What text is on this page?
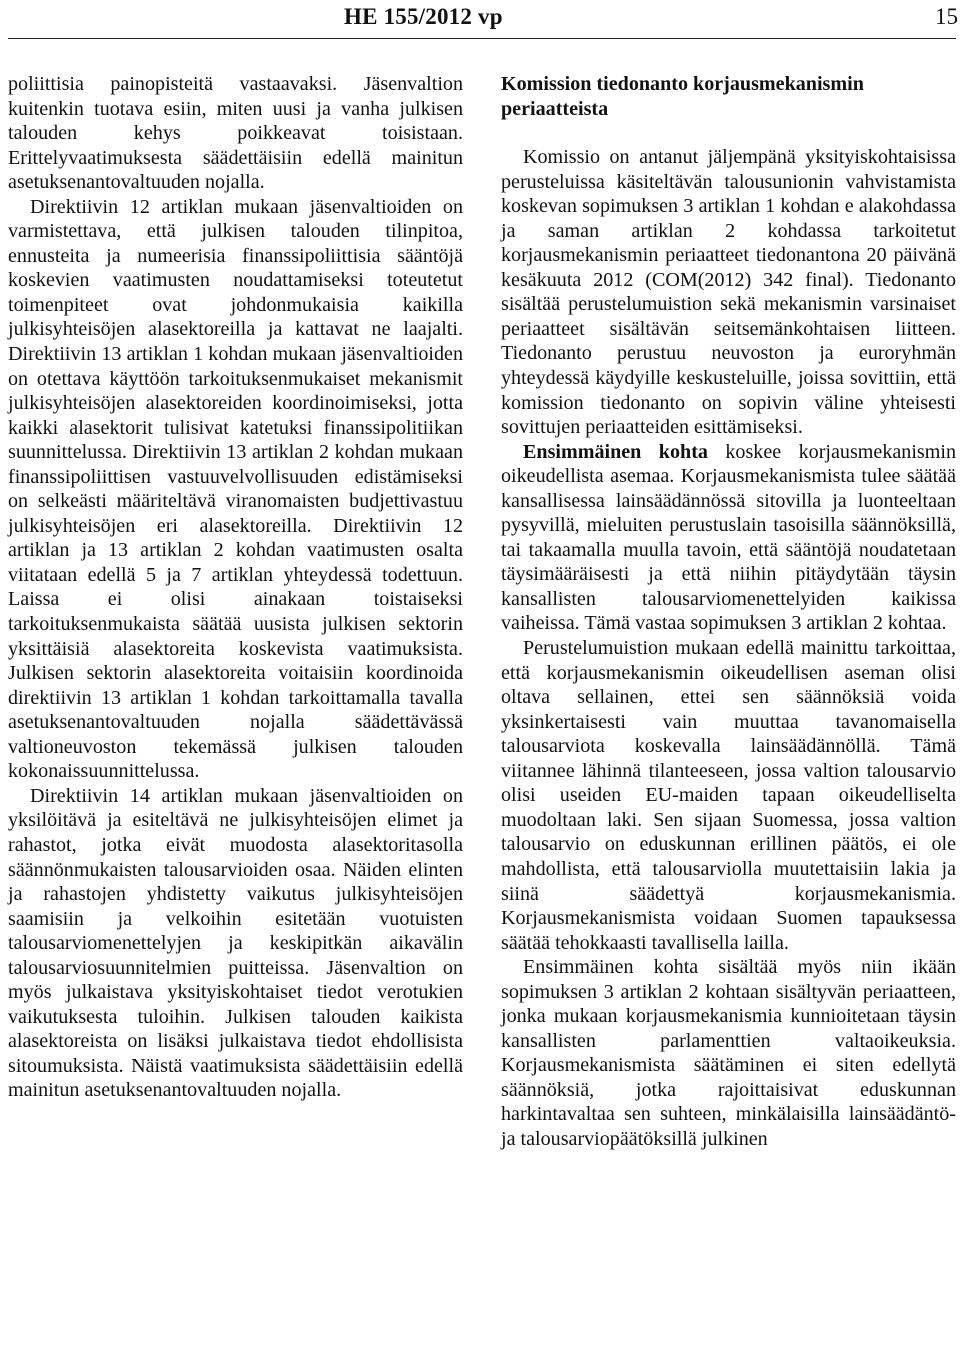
HE 155/2012 vp	15

poliittisia painopisteitä vastaavaksi. Jäsenvaltion kuitenkin tuotava esiin, miten uusi ja vanha julkisen talouden kehys poikkeavat toisistaan. Erittelyvaatimuksesta säädettäisiin edellä mainitun asetuksenantovaltuuden nojalla.

Direktiivin 12 artiklan mukaan jäsenvaltioiden on varmistettava, että julkisen talouden tilinpitoa, ennusteita ja numeerisia finanssipoliittisia sääntöjä koskevien vaatimusten noudattamiseksi toteutetut toimenpiteet ovat johdonmukaisia kaikilla julkisyhteisöjen alasektoreilla ja kattavat ne laajalti. Direktiivin 13 artiklan 1 kohdan mukaan jäsenvaltioiden on otettava käyttöön tarkoituksenmukaiset mekanismit julkisyhteisöjen alasektoreiden koordinoimiseksi, jotta kaikki alasektorit tulisivat katetuksi finanssipolitiikan suunnittelussa. Direktiivin 13 artiklan 2 kohdan mukaan finanssipoliittisen vastuuvelvollisuuden edistämiseksi on selkeästi määriteltävä viranomaisten budjettivastuu julkisyhteisöjen eri alasektoreilla. Direktiivin 12 artiklan ja 13 artiklan 2 kohdan vaatimusten osalta viitataan edellä 5 ja 7 artiklan yhteydessä todettuun. Laissa ei olisi ainakaan toistaiseksi tarkoituksenmukaista säätää uusista julkisen sektorin yksittäisiä alasektoreita koskevista vaatimuksista. Julkisen sektorin alasektoreita voitaisiin koordinoida direktiivin 13 artiklan 1 kohdan tarkoittamalla tavalla asetuksenantovaltuuden nojalla säädettävässä valtioneuvoston tekemässä julkisen talouden kokonaissuunnittelussa.

Direktiivin 14 artiklan mukaan jäsenvaltioiden on yksilöitävä ja esiteltävä ne julkisyhteisöjen elimet ja rahastot, jotka eivät muodosta alasektoritasolla säännönmukaisten talousarvioiden osaa. Näiden elinten ja rahastojen yhdistetty vaikutus julkisyhteisöjen saamisiin ja velkoihin esitetään vuotuisten talousarviomenettelyjen ja keskipitkän aikavälin talousarviosuunnitelmien puitteissa. Jäsenvaltion on myös julkaistava yksityiskohtaiset tiedot verotukien vaikutuksesta tuloihin. Julkisen talouden kaikista alasektoreista on lisäksi julkaistava tiedot ehdollisista sitoumuksista. Näistä vaatimuksista säädettäisiin edellä mainitun asetuksenantovaltuuden nojalla.

Komission tiedonanto korjausmekanismin periaatteista

Komissio on antanut jäljempänä yksityiskohtaisissa perusteluissa käsiteltävän talousunionin vahvistamista koskevan sopimuksen 3 artiklan 1 kohdan e alakohdassa ja saman artiklan 2 kohdassa tarkoitetut korjausmekanismin periaatteet tiedonantona 20 päivänä kesäkuuta 2012 (COM(2012) 342 final). Tiedonanto sisältää perustelumuistion sekä mekanismin varsinaiset periaatteet sisältävän seitsemänkohtaisen liitteen. Tiedonanto perustuu neuvoston ja euroryhmän yhteydessä käydyille keskusteluille, joissa sovittiin, että komission tiedonanto on sopivin väline yhteisesti sovittujen periaatteiden esittämiseksi.

Ensimmäinen kohta koskee korjausmekanismin oikeudellista asemaa. Korjausmekanismista tulee säätää kansallisessa lainsäädännössä sitovilla ja luonteeltaan pysyvillä, mieluiten perustuslain tasoisilla säännöksillä, tai takaamalla muulla tavoin, että sääntöjä noudatetaan täysimääräisesti ja että niihin pitäydytään täysin kansallisten talousarviomenettelyiden kaikissa vaiheissa. Tämä vastaa sopimuksen 3 artiklan 2 kohtaa.

Perustelumuistion mukaan edellä mainittu tarkoittaa, että korjausmekanismin oikeudellisen aseman olisi oltava sellainen, ettei sen säännöksiä voida yksinkertaisesti vain muuttaa tavanomaisella talousarviota koskevalla lainsäädännöllä. Tämä viitannee lähinnä tilanteeseen, jossa valtion talousarvio olisi useiden EU-maiden tapaan oikeudelliselta muodoltaan laki. Sen sijaan Suomessa, jossa valtion talousarvio on eduskunnan erillinen päätös, ei ole mahdollista, että talousarviolla muutettaisiin lakia ja siinä säädettyä korjausmekanismia. Korjausmekanismista voidaan Suomen tapauksessa säätää tehokkaasti tavallisella lailla.

Ensimmäinen kohta sisältää myös niin ikään sopimuksen 3 artiklan 2 kohtaan sisältyvän periaatteen, jonka mukaan korjausmekanismia kunnioitetaan täysin kansallisten parlamenttien valtaoikeuksia. Korjausmekanismista säätäminen ei siten edellytä säännöksiä, jotka rajoittaisivat eduskunnan harkintavaltaa sen suhteen, minkälaisilla lainsäädäntö- ja talousarviopäätöksillä julkinen
